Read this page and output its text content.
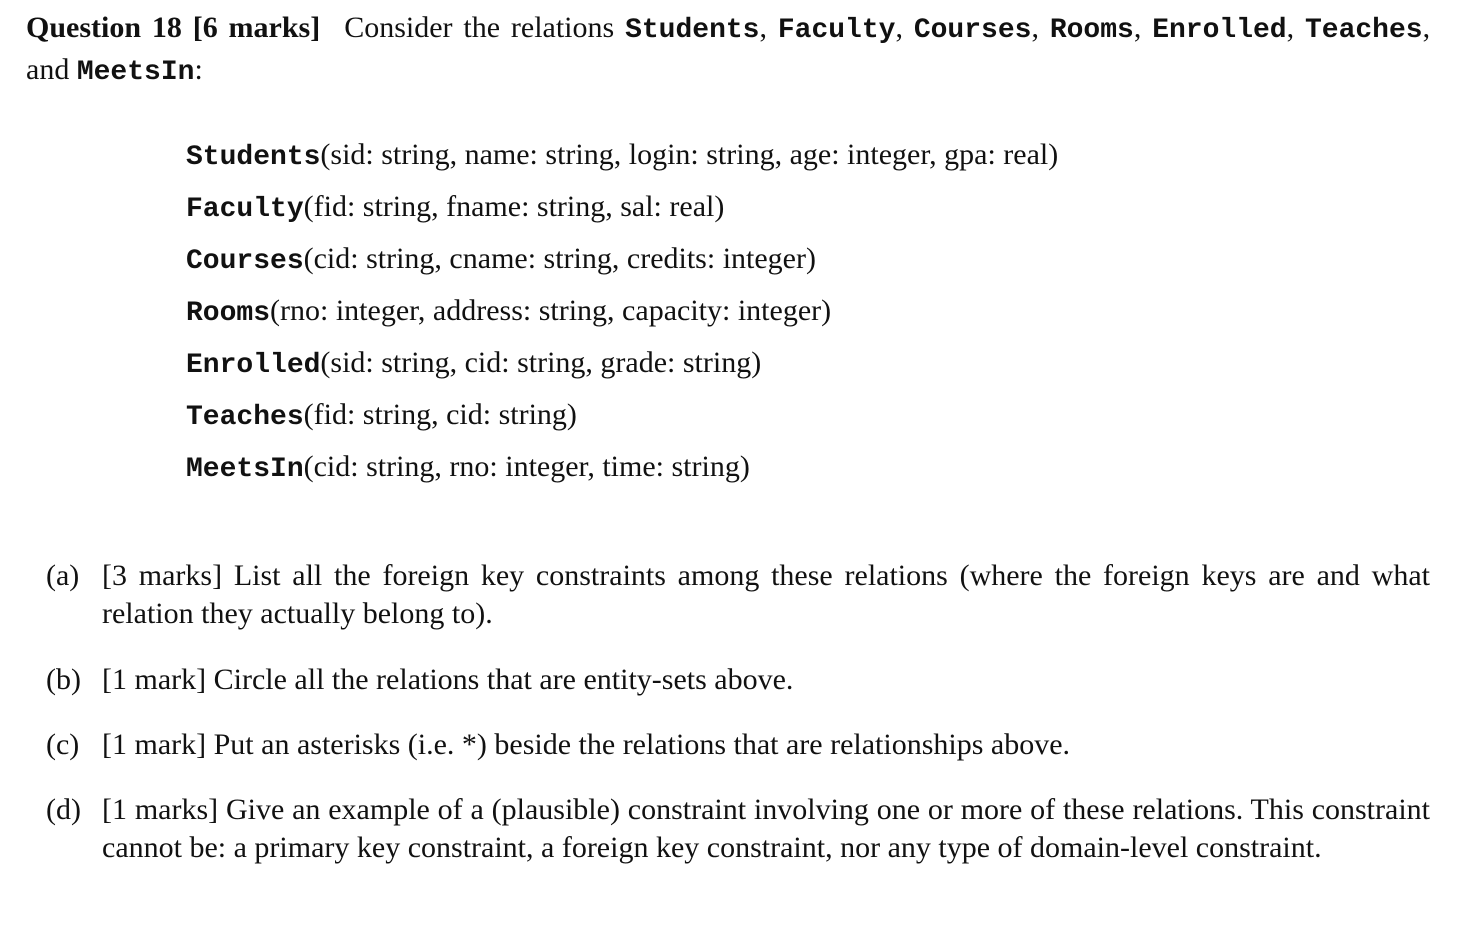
Question 18 [6 marks] Consider the relations Students, Faculty, Courses, Rooms, Enrolled, Teaches, and MeetsIn:
Students(sid: string, name: string, login: string, age: integer, gpa: real)
Faculty(fid: string, fname: string, sal: real)
Courses(cid: string, cname: string, credits: integer)
Rooms(rno: integer, address: string, capacity: integer)
Enrolled(sid: string, cid: string, grade: string)
Teaches(fid: string, cid: string)
MeetsIn(cid: string, rno: integer, time: string)
(a) [3 marks] List all the foreign key constraints among these relations (where the foreign keys are and what relation they actually belong to).
(b) [1 mark] Circle all the relations that are entity-sets above.
(c) [1 mark] Put an asterisks (i.e. *) beside the relations that are relationships above.
(d) [1 marks] Give an example of a (plausible) constraint involving one or more of these relations. This constraint cannot be: a primary key constraint, a foreign key constraint, nor any type of domain-level constraint.
